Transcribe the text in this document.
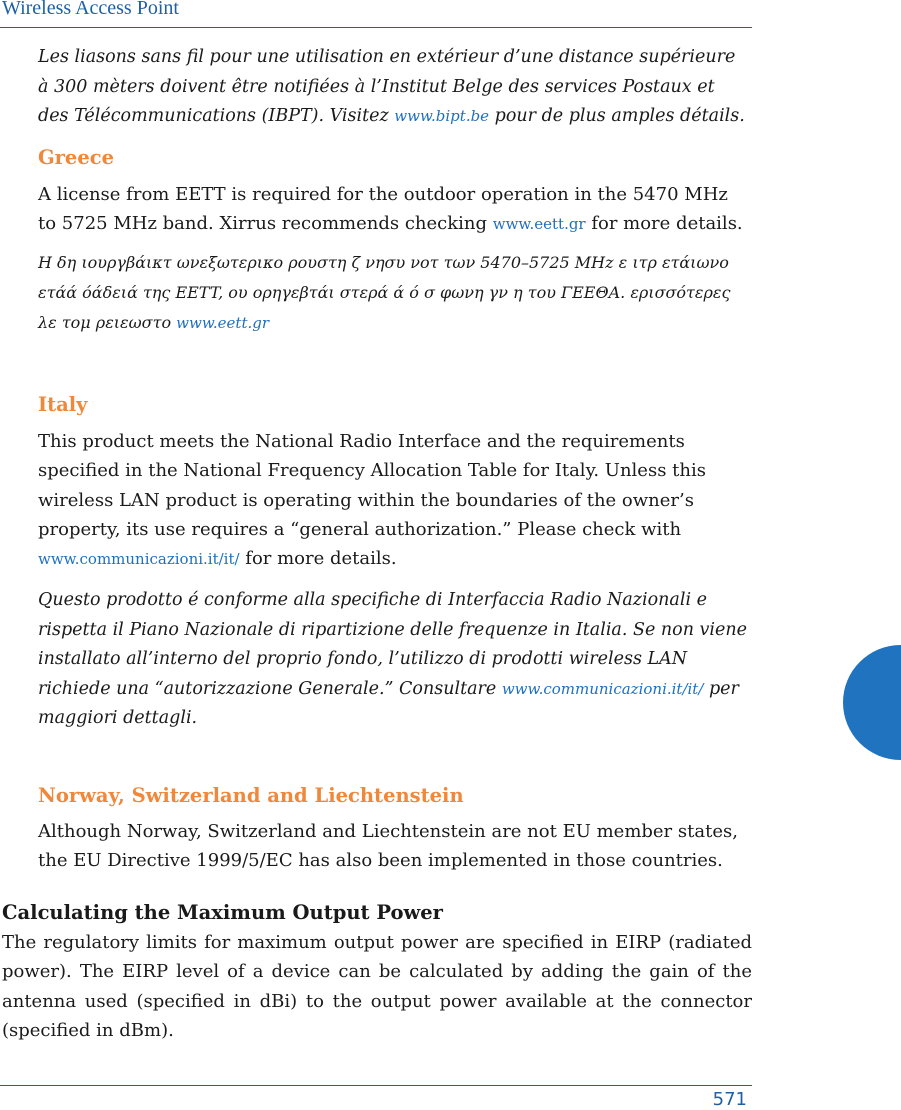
Wireless Access Point
Les liasons sans fil pour une utilisation en extérieur d’une distance supérieure à 300 mèters doivent être notifiées à l’Institut Belge des services Postaux et des Télécommunications (IBPT). Visitez www.bipt.be pour de plus amples détails.
Greece
A license from EETT is required for the outdoor operation in the 5470 MHz to 5725 MHz band. Xirrus recommends checking www.eett.gr for more details.
Η δη ιουργβάικτ ωνεξωτερικο ρουστη ζ νησυ νοτ των 5470–5725 MHz ε ιτρ ετάιωνο ετάά όάδειά της EETT, ου ορηγεβτάι στερά ά ό σ φωνη γν η του ΓΕΕΘΑ. ερισσότερες λε τομ ρειεωστο www.eett.gr
Italy
This product meets the National Radio Interface and the requirements specified in the National Frequency Allocation Table for Italy. Unless this wireless LAN product is operating within the boundaries of the owner’s property, its use requires a “general authorization.” Please check with www.communicazioni.it/it/ for more details.
Questo prodotto é conforme alla specifiche di Interfaccia Radio Nazionali e rispetta il Piano Nazionale di ripartizione delle frequenze in Italia. Se non viene installato all’interno del proprio fondo, l’utilizzo di prodotti wireless LAN richiede una “autorizzazione Generale.” Consultare www.communicazioni.it/it/ per maggiori dettagli.
Norway, Switzerland and Liechtenstein
Although Norway, Switzerland and Liechtenstein are not EU member states, the EU Directive 1999/5/EC has also been implemented in those countries.
Calculating the Maximum Output Power
The regulatory limits for maximum output power are specified in EIRP (radiated power). The EIRP level of a device can be calculated by adding the gain of the antenna used (specified in dBi) to the output power available at the connector (specified in dBm).
571
